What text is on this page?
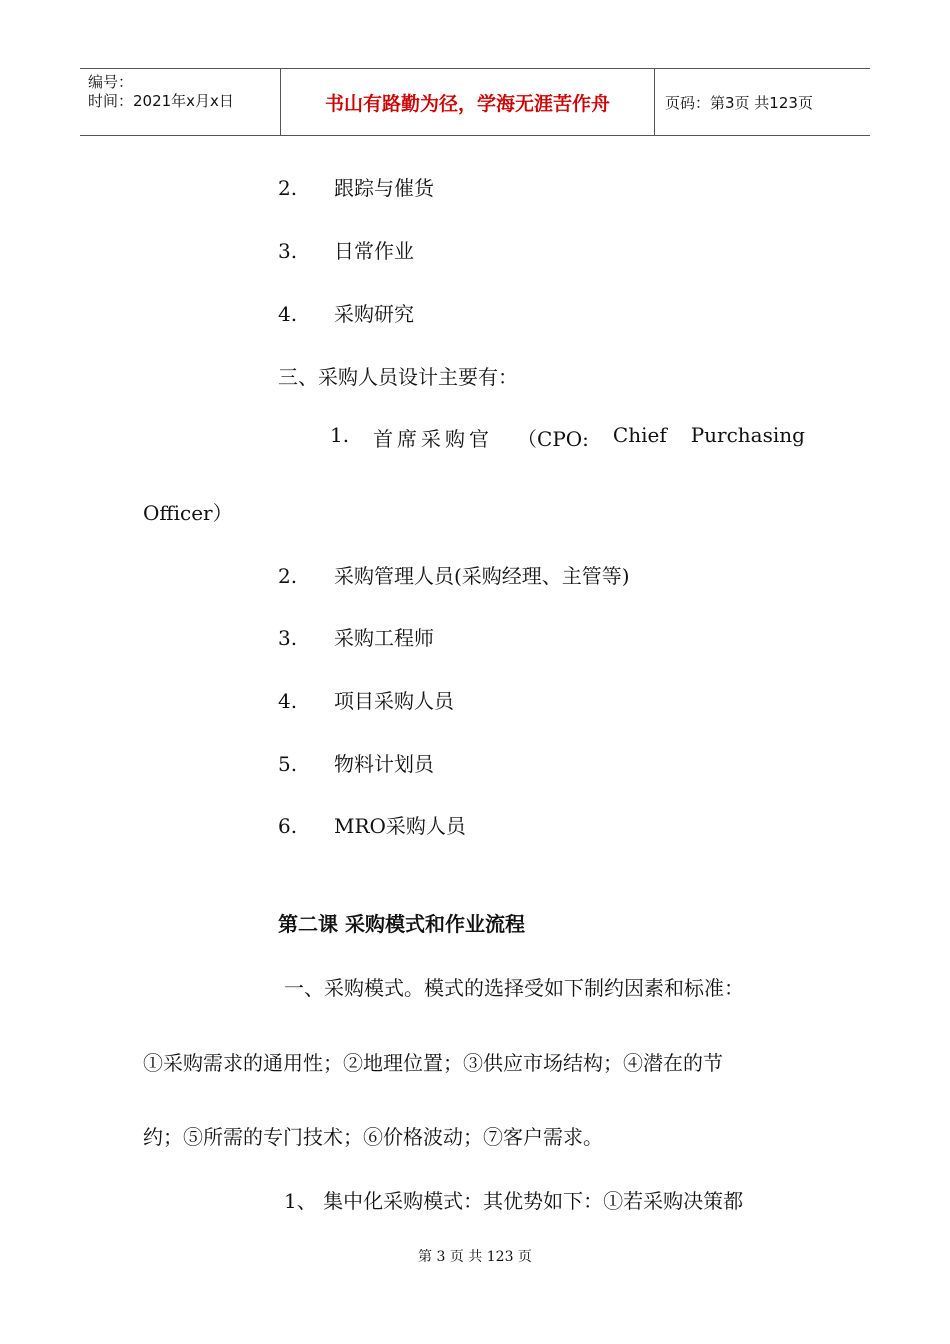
编号：
时间：2021年x月x日	书山有路勤为径，学海无涯苦作舟	页码：第3页 共123页
2. 跟踪与催货
3. 日常作业
4. 采购研究
三、采购人员设计主要有：
1. 首席采购官 （CPO: Chief Purchasing
Officer）
2. 采购管理人员(采购经理、主管等)
3. 采购工程师
4. 项目采购人员
5. 物料计划员
6. MRO采购人员
第二课 采购模式和作业流程
一、采购模式。模式的选择受如下制约因素和标准：
①采购需求的通用性；②地理位置；③供应市场结构；④潜在的节
约；⑤所需的专门技术；⑥价格波动；⑦客户需求。
1、 集中化采购模式：其优势如下：①若采购决策都
第 3 页 共 123 页
